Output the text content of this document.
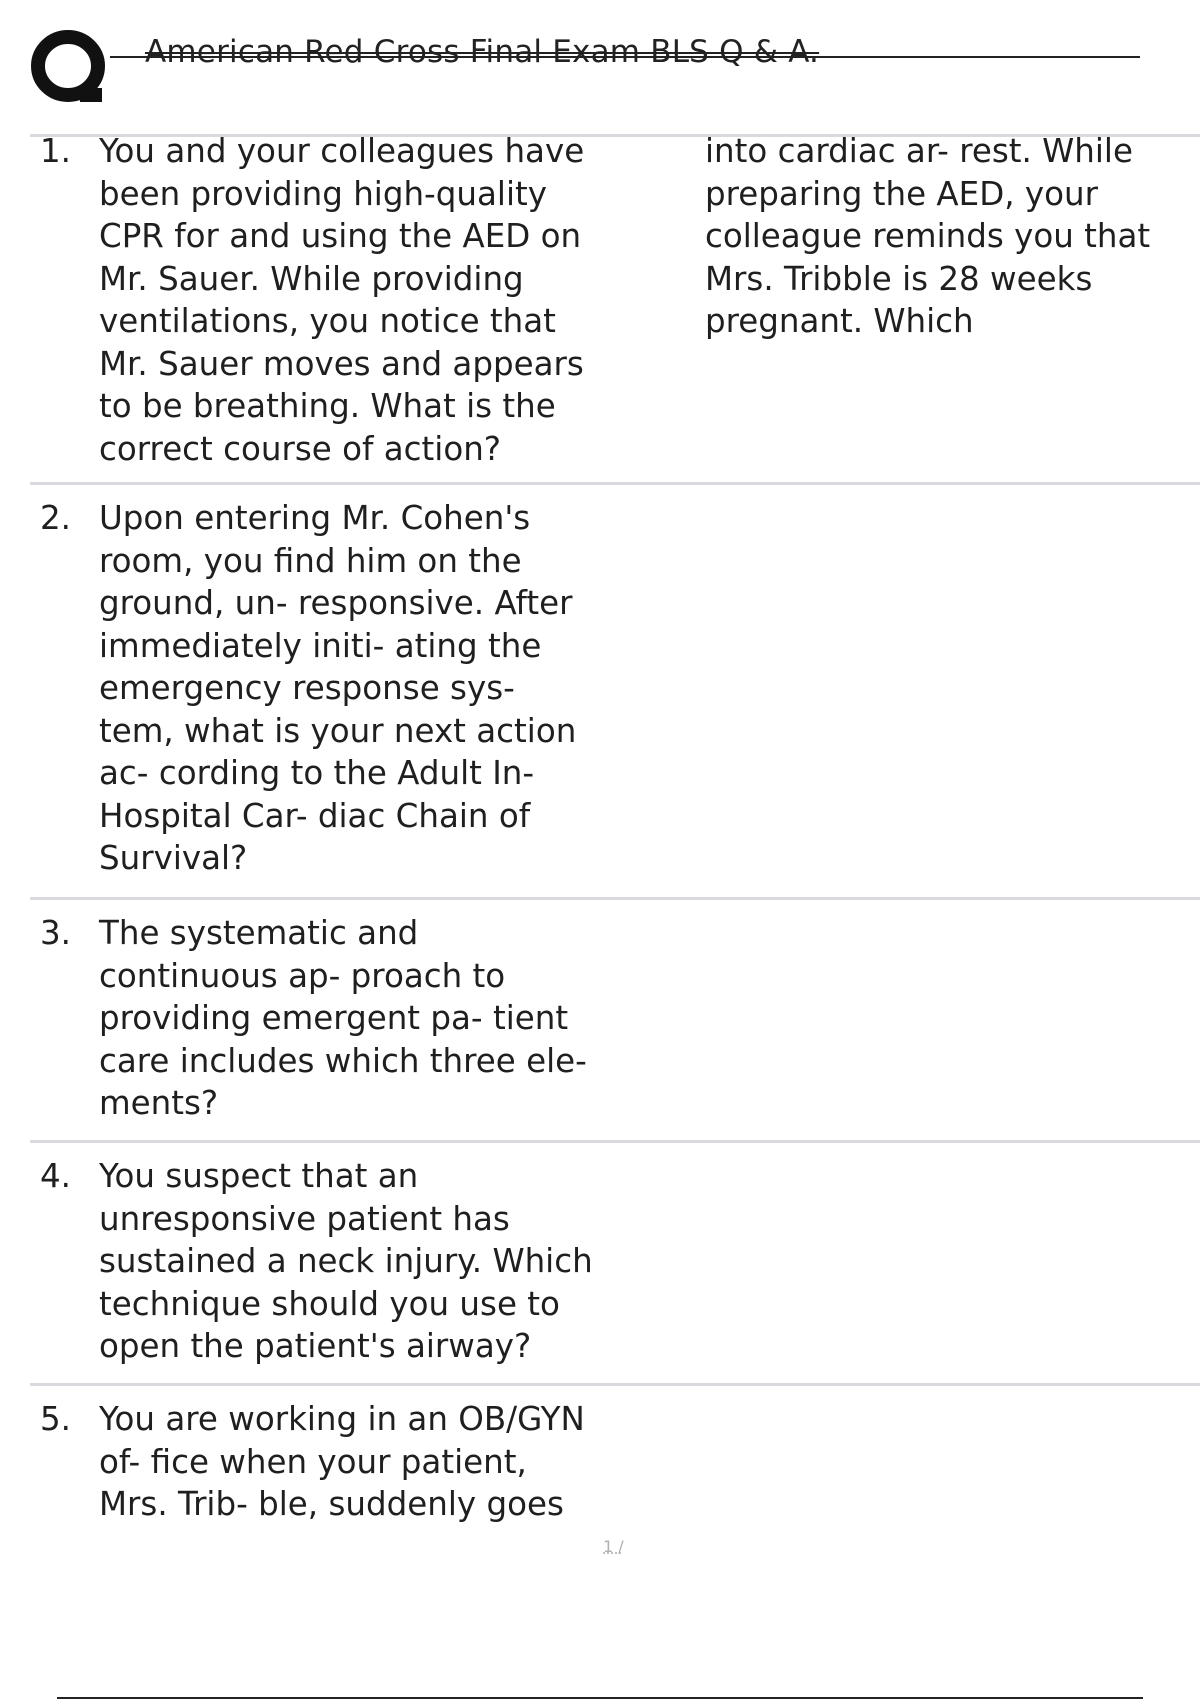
American Red Cross Final Exam BLS Q & A.
1. You and your colleagues have
been providing high-quality
CPR for and using the AED on
Mr. Sauer. While providing
ventilations, you notice that
Mr. Sauer moves and appears
to be breathing. What is the
correct course of action?
2. Upon entering Mr. Cohen's
room, you find him on the
ground, un- responsive. After
immediately initi- ating the
emergency response sys-
tem, what is your next action
ac- cording to the Adult In-
Hospital Car- diac Chain of
Survival?
3. The systematic and
continuous ap- proach to
providing emergent pa- tient
care includes which three ele-
ments?
4. You suspect that an
unresponsive patient has
sustained a neck injury. Which
technique should you use to
open the patient's airway?
5. You are working in an OB/GYN
of- fice when your patient,
Mrs. Trib- ble, suddenly goes
into cardiac ar- rest. While
preparing the AED, your
colleague reminds you that
Mrs. Tribble is 28 weeks
pregnant. Which
1 /
